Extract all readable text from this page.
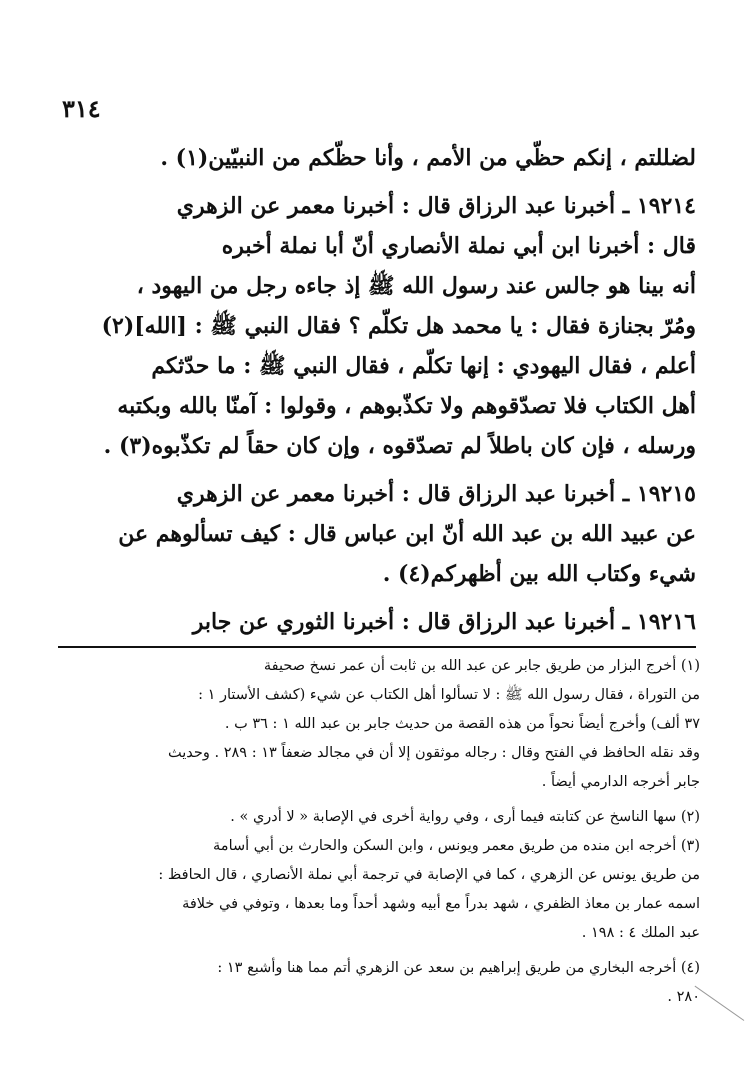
٣١٤
لضللتم ، إنكم حظّي من الأمم ، وأنا حظّكم من النبيّين(١) .
١٩٢١٤ ـ أخبرنا عبد الرزاق قال : أخبرنا معمر عن الزهري
قال : أخبرنا ابن أبي نملة الأنصاري أنّ أبا نملة أخبره
أنه بينا هو جالس عند رسول الله ﷺ إذ جاءه رجل من اليهود ،
ومُرّ بجنازة فقال : يا محمد هل تكلّم ؟ فقال النبي ﷺ : [الله](٢)
أعلم ، فقال اليهودي : إنها تكلّم ، فقال النبي ﷺ : ما حدّثكم
أهل الكتاب فلا تصدّقوهم ولا تكذّبوهم ، وقولوا : آمنّا بالله وبكتبه
ورسله ، فإن كان باطلاً لم تصدّقوه ، وإن كان حقاً لم تكذّبوه(٣) .
١٩٢١٥ ـ أخبرنا عبد الرزاق قال : أخبرنا معمر عن الزهري
عن عبيد الله بن عبد الله أنّ ابن عباس قال : كيف تسألوهم عن
شيء وكتاب الله بين أظهركم(٤) .
١٩٢١٦ ـ أخبرنا عبد الرزاق قال : أخبرنا الثوري عن جابر
(١) أخرج البزار من طريق جابر عن عبد الله بن ثابت أن عمر نسخ صحيفة
من التوراة ، فقال رسول الله ﷺ : لا تسألوا أهل الكتاب عن شيء (كشف الأستار ١ :
٣٧ ألف) وأخرج أيضاً نحواً من هذه القصة من حديث جابر بن عبد الله ١ : ٣٦ ب .
وقد نقله الحافظ في الفتح وقال : رجاله موثقون إلا أن في مجالد ضعفاً ١٣ : ٢٨٩ . وحديث
جابر أخرجه الدارمي أيضاً .
(٢) سها الناسخ عن كتابته فيما أرى ، وفي رواية أخرى في الإصابة « لا أدري » .
(٣) أخرجه ابن منده من طريق معمر ويونس ، وابن السكن والحارث بن أبي أسامة
من طريق يونس عن الزهري ، كما في الإصابة في ترجمة أبي نملة الأنصاري ، قال الحافظ :
اسمه عمار بن معاذ الظفري ، شهد بدراً مع أبيه وشهد أحداً وما بعدها ، وتوفي في خلافة
عبد الملك ٤ : ١٩٨ .
(٤) أخرجه البخاري من طريق إبراهيم بن سعد عن الزهري أتم مما هنا وأشبع ١٣ :
٢٨٠ .
